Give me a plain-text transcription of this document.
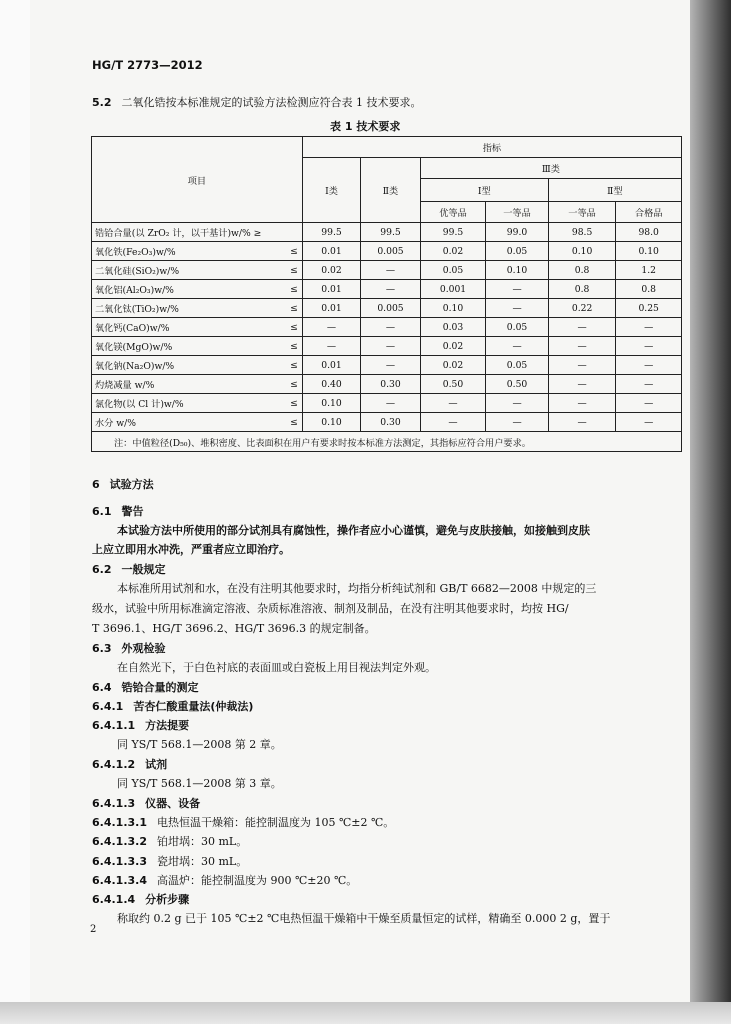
HG/T 2773—2012
5.2 二氧化锆按本标准规定的试验方法检测应符合表 1 技术要求。
表 1 技术要求
项目		指标					
		Ⅰ类	Ⅱ类	Ⅲ类			
				Ⅰ型		Ⅱ型	
				优等品	一等品	一等品	合格品
锆铪合量(以 ZrO₂ 计，以干基计)w/% ≥		99.5	99.5	99.5	99.0	98.5	98.0
氧化铁(Fe₂O₃)w/%	≤	0.01	0.005	0.02	0.05	0.10	0.10
二氧化硅(SiO₂)w/%	≤	0.02	—	0.05	0.10	0.8	1.2
氧化铝(Al₂O₃)w/%	≤	0.01	—	0.001	—	0.8	0.8
二氧化钛(TiO₂)w/%	≤	0.01	0.005	0.10	—	0.22	0.25
氧化钙(CaO)w/%	≤	—	—	0.03	0.05	—	—
氧化镁(MgO)w/%	≤	—	—	0.02	—	—	—
氧化钠(Na₂O)w/%	≤	0.01	—	0.02	0.05	—	—
灼烧减量 w/%	≤	0.40	0.30	0.50	0.50	—	—
氯化物(以 Cl 计)w/%	≤	0.10	—	—	—	—	—
水分 w/%	≤	0.10	0.30	—	—	—	—
注：中值粒径(D₅₀)、堆积密度、比表面积在用户有要求时按本标准方法测定，其指标应符合用户要求。							
6 试验方法
6.1 警告
本试验方法中所使用的部分试剂具有腐蚀性，操作者应小心谨慎，避免与皮肤接触，如接触到皮肤
上应立即用水冲洗，严重者应立即治疗。
6.2 一般规定
本标准所用试剂和水，在没有注明其他要求时，均指分析纯试剂和 GB/T 6682—2008 中规定的三
级水，试验中所用标准滴定溶液、杂质标准溶液、制剂及制品，在没有注明其他要求时，均按 HG/
T 3696.1、HG/T 3696.2、HG/T 3696.3 的规定制备。
6.3 外观检验
在自然光下，于白色衬底的表面皿或白瓷板上用目视法判定外观。
6.4 锆铪合量的测定
6.4.1 苦杏仁酸重量法(仲裁法)
6.4.1.1 方法提要
同 YS/T 568.1—2008 第 2 章。
6.4.1.2 试剂
同 YS/T 568.1—2008 第 3 章。
6.4.1.3 仪器、设备
6.4.1.3.1 电热恒温干燥箱：能控制温度为 105 ℃±2 ℃。
6.4.1.3.2 铂坩埚：30 mL。
6.4.1.3.3 瓷坩埚：30 mL。
6.4.1.3.4 高温炉：能控制温度为 900 ℃±20 ℃。
6.4.1.4 分析步骤
称取约 0.2 g 已于 105 ℃±2 ℃电热恒温干燥箱中干燥至质量恒定的试样，精确至 0.000 2 g，置于
2
